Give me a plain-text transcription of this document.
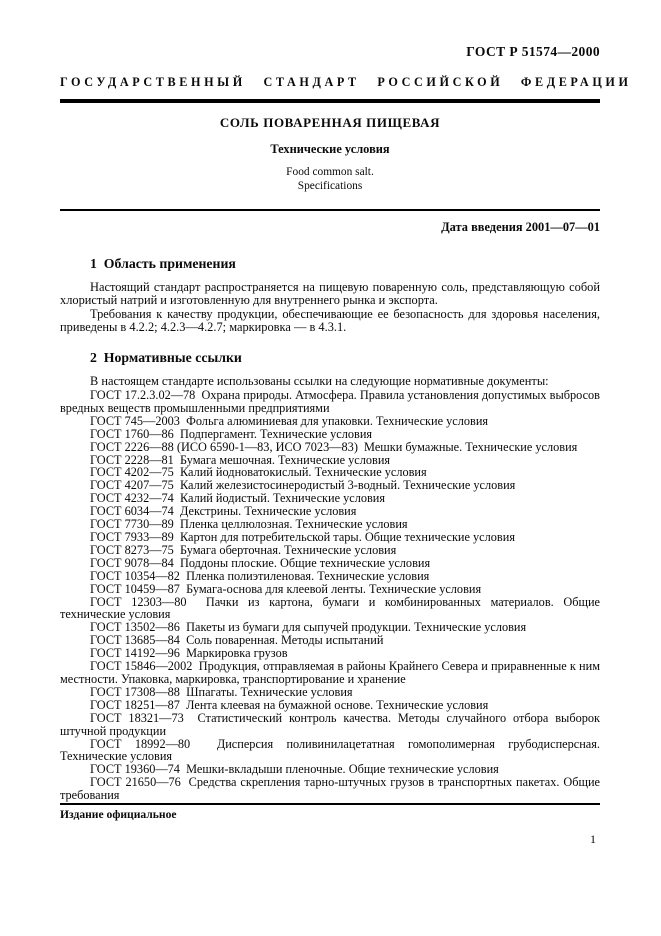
ГОСТ Р 51574—2000
ГОСУДАРСТВЕННЫЙ СТАНДАРТ РОССИЙСКОЙ ФЕДЕРАЦИИ
СОЛЬ ПОВАРЕННАЯ ПИЩЕВАЯ
Технические условия
Food common salt.
Specifications
Дата введения 2001—07—01
1  Область применения

Настоящий стандарт распространяется на пищевую поваренную соль, представляющую собой хлористый натрий и изготовленную для внутреннего рынка и экспорта.

Требования к качеству продукции, обеспечивающие ее безопасность для здоровья населения, приведены в 4.2.2; 4.2.3—4.2.7; маркировка — в 4.3.1.

2  Нормативные ссылки

В настоящем стандарте использованы ссылки на следующие нормативные документы:

ГОСТ 17.2.3.02—78  Охрана природы. Атмосфера. Правила установления допустимых выбросов вредных веществ промышленными предприятиями

ГОСТ 745—2003  Фольга алюминиевая для упаковки. Технические условия

ГОСТ 1760—86  Подпергамент. Технические условия

ГОСТ 2226—88 (ИСО 6590-1—83, ИСО 7023—83)  Мешки бумажные. Технические условия

ГОСТ 2228—81  Бумага мешочная. Технические условия

ГОСТ 4202—75  Калий йодноватокислый. Технические условия

ГОСТ 4207—75  Калий железистосинеродистый 3-водный. Технические условия

ГОСТ 4232—74  Калий йодистый. Технические условия

ГОСТ 6034—74  Декстрины. Технические условия

ГОСТ 7730—89  Пленка целлюлозная. Технические условия

ГОСТ 7933—89  Картон для потребительской тары. Общие технические условия

ГОСТ 8273—75  Бумага оберточная. Технические условия

ГОСТ 9078—84  Поддоны плоские. Общие технические условия

ГОСТ 10354—82  Пленка полиэтиленовая. Технические условия

ГОСТ 10459—87  Бумага-основа для клеевой ленты. Технические условия

ГОСТ 12303—80  Пачки из картона, бумаги и комбинированных материалов. Общие технические условия

ГОСТ 13502—86  Пакеты из бумаги для сыпучей продукции. Технические условия

ГОСТ 13685—84  Соль поваренная. Методы испытаний

ГОСТ 14192—96  Маркировка грузов

ГОСТ 15846—2002  Продукция, отправляемая в районы Крайнего Севера и приравненные к ним местности. Упаковка, маркировка, транспортирование и хранение

ГОСТ 17308—88  Шпагаты. Технические условия

ГОСТ 18251—87  Лента клеевая на бумажной основе. Технические условия

ГОСТ 18321—73  Статистический контроль качества. Методы случайного отбора выборок штучной продукции

ГОСТ 18992—80  Дисперсия поливинилацетатная гомополимерная грубодисперсная. Технические условия

ГОСТ 19360—74  Мешки-вкладыши пленочные. Общие технические условия

ГОСТ 21650—76  Средства скрепления тарно-штучных грузов в транспортных пакетах. Общие требования

Издание официальное
1
